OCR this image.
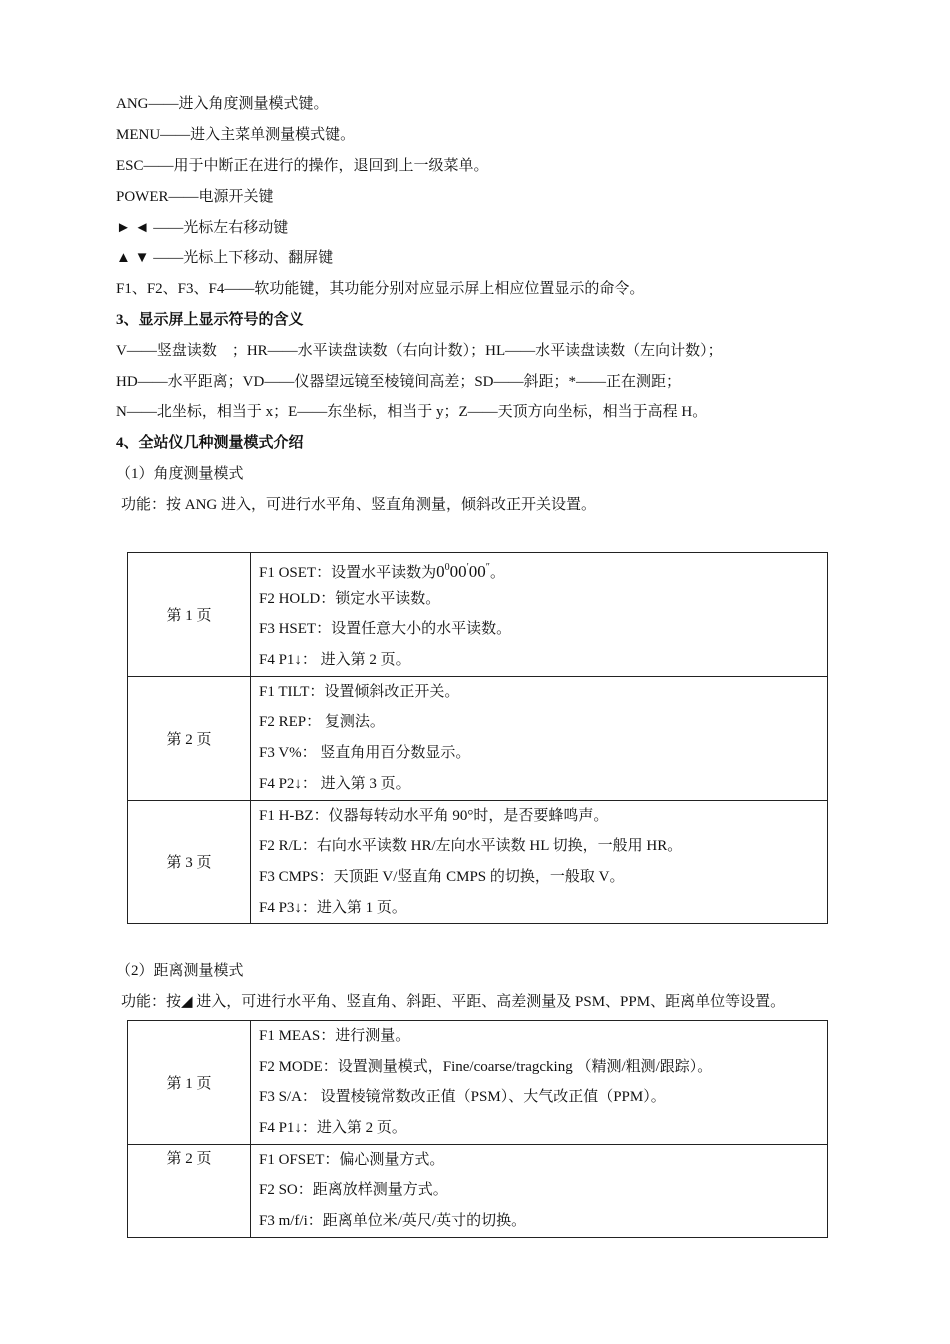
ANG——进入角度测量模式键。
MENU——进入主菜单测量模式键。
ESC——用于中断正在进行的操作，退回到上一级菜单。
POWER——电源开关键
► ◄ ——光标左右移动键
▲ ▼ ——光标上下移动、翻屏键
F1、F2、F3、F4——软功能键，其功能分别对应显示屏上相应位置显示的命令。
3、显示屏上显示符号的含义
V——竖盘读数　；HR——水平读盘读数（右向计数）；HL——水平读盘读数（左向计数）；
HD——水平距离；VD——仪器望远镜至棱镜间高差；SD——斜距；*——正在测距；
N——北坐标，相当于 x；E——东坐标，相当于 y；Z——天顶方向坐标，相当于高程 H。
4、全站仪几种测量模式介绍
（1）角度测量模式
功能：按 ANG 进入，可进行水平角、竖直角测量，倾斜改正开关设置。
第 1 页	F1 OSET：设置水平读数为$0^000'00''$。
F2 HOLD：锁定水平读数。
F3 HSET：设置任意大小的水平读数。
F4 P1↓： 进入第 2 页。

第 2 页	F1 TILT：设置倾斜改正开关。
F2 REP： 复测法。
F3 V%： 竖直角用百分数显示。
F4 P2↓： 进入第 3 页。

第 3 页	F1 H-BZ：仪器每转动水平角 90°时，是否要蜂鸣声。
F2 R/L：右向水平读数 HR/左向水平读数 HL 切换，一般用 HR。
F3 CMPS：天顶距 V/竖直角 CMPS 的切换，一般取 V。
F4 P3↓：进入第 1 页。
（2）距离测量模式
功能：按◢ 进入，可进行水平角、竖直角、斜距、平距、高差测量及 PSM、PPM、距离单位等设置。
第 1 页	F1 MEAS：进行测量。
F2 MODE：设置测量模式，Fine/coarse/tragcking （精测/粗测/跟踪）。
F3 S/A： 设置棱镜常数改正值（PSM）、大气改正值（PPM）。
F4 P1↓：进入第 2 页。

第 2 页	F1 OFSET：偏心测量方式。
F2 SO：距离放样测量方式。
F3 m/f/i：距离单位米/英尺/英寸的切换。
